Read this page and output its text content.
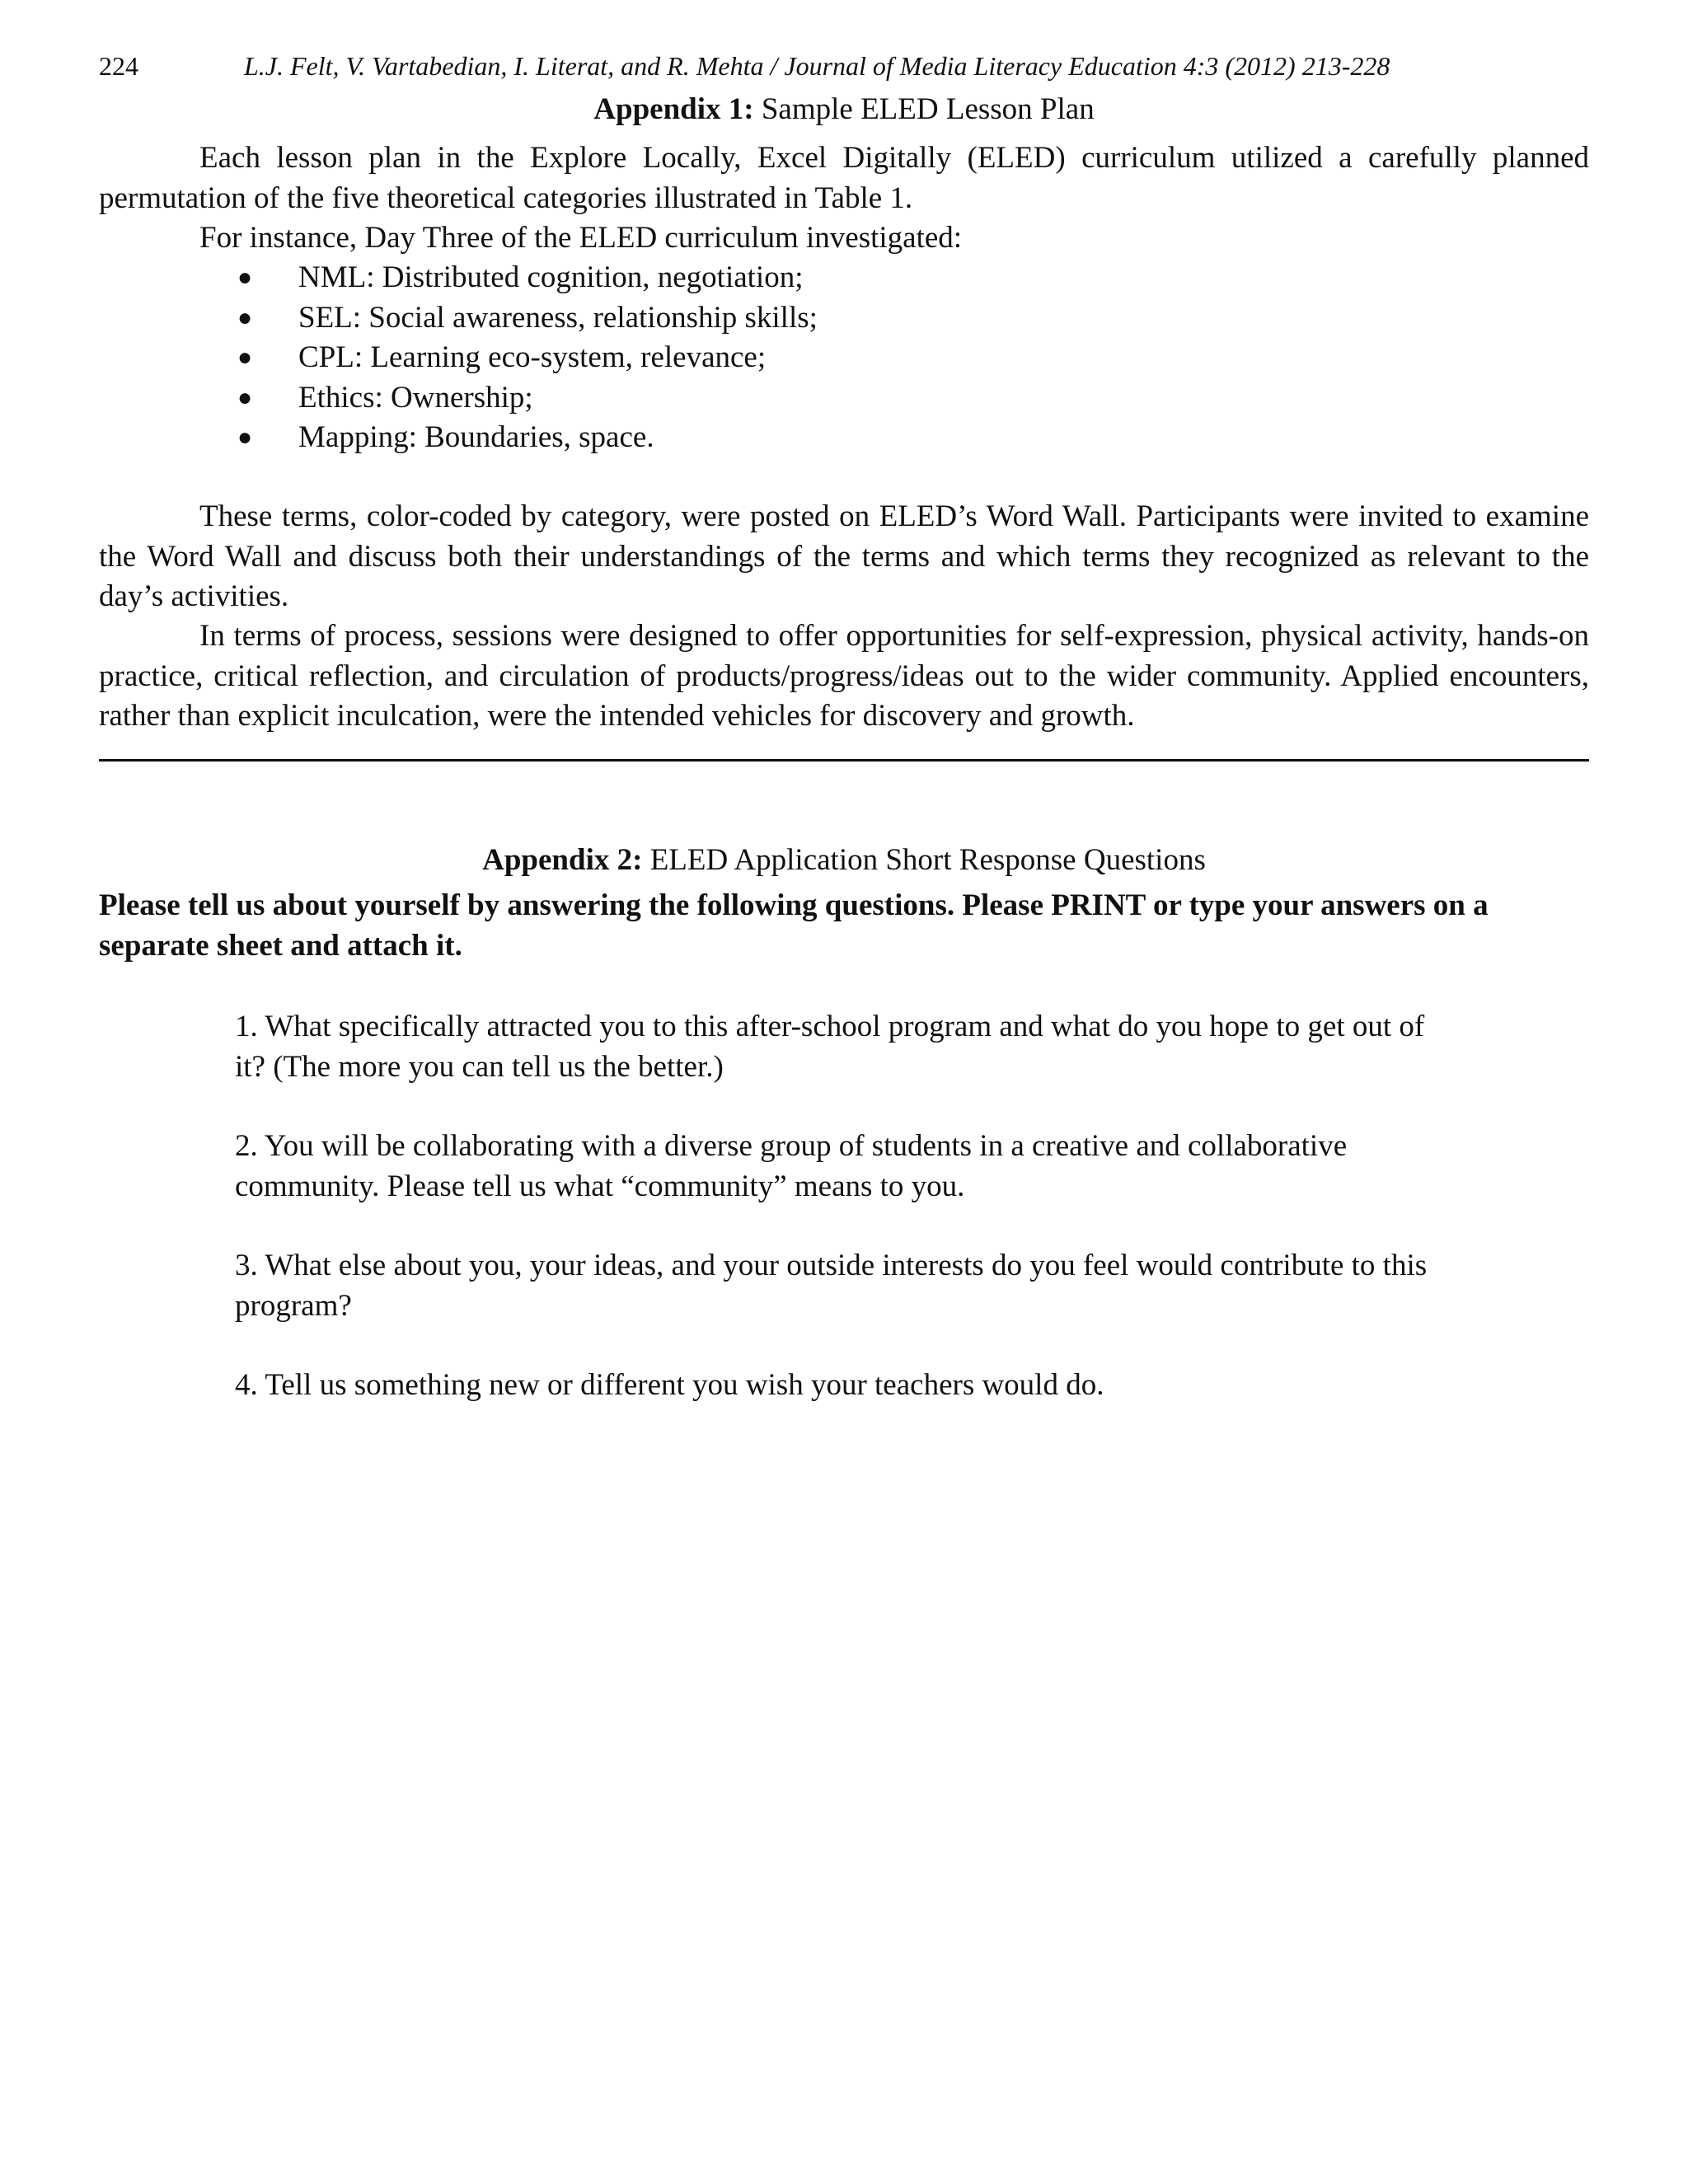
224	L.J. Felt, V. Vartabedian, I. Literat, and R. Mehta / Journal of Media Literacy Education 4:3 (2012) 213-228
Appendix 1: Sample ELED Lesson Plan

Each lesson plan in the Explore Locally, Excel Digitally (ELED) curriculum utilized a carefully planned permutation of the five theoretical categories illustrated in Table 1.

For instance, Day Three of the ELED curriculum investigated:

● NML: Distributed cognition, negotiation;
● SEL: Social awareness, relationship skills;
● CPL: Learning eco-system, relevance;
● Ethics: Ownership;
● Mapping: Boundaries, space.

These terms, color-coded by category, were posted on ELED’s Word Wall. Participants were invited to examine the Word Wall and discuss both their understandings of the terms and which terms they recognized as relevant to the day’s activities.

In terms of process, sessions were designed to offer opportunities for self-expression, physical activity, hands-on practice, critical reflection, and circulation of products/progress/ideas out to the wider community. Applied encounters, rather than explicit inculcation, were the intended vehicles for discovery and growth.

Appendix 2: ELED Application Short Response Questions

Please tell us about yourself by answering the following questions. Please PRINT or type your answers on a separate sheet and attach it.

1. What specifically attracted you to this after-school program and what do you hope to get out of it? (The more you can tell us the better.)

2. You will be collaborating with a diverse group of students in a creative and collaborative community. Please tell us what “community” means to you.

3. What else about you, your ideas, and your outside interests do you feel would contribute to this program?

4. Tell us something new or different you wish your teachers would do.
